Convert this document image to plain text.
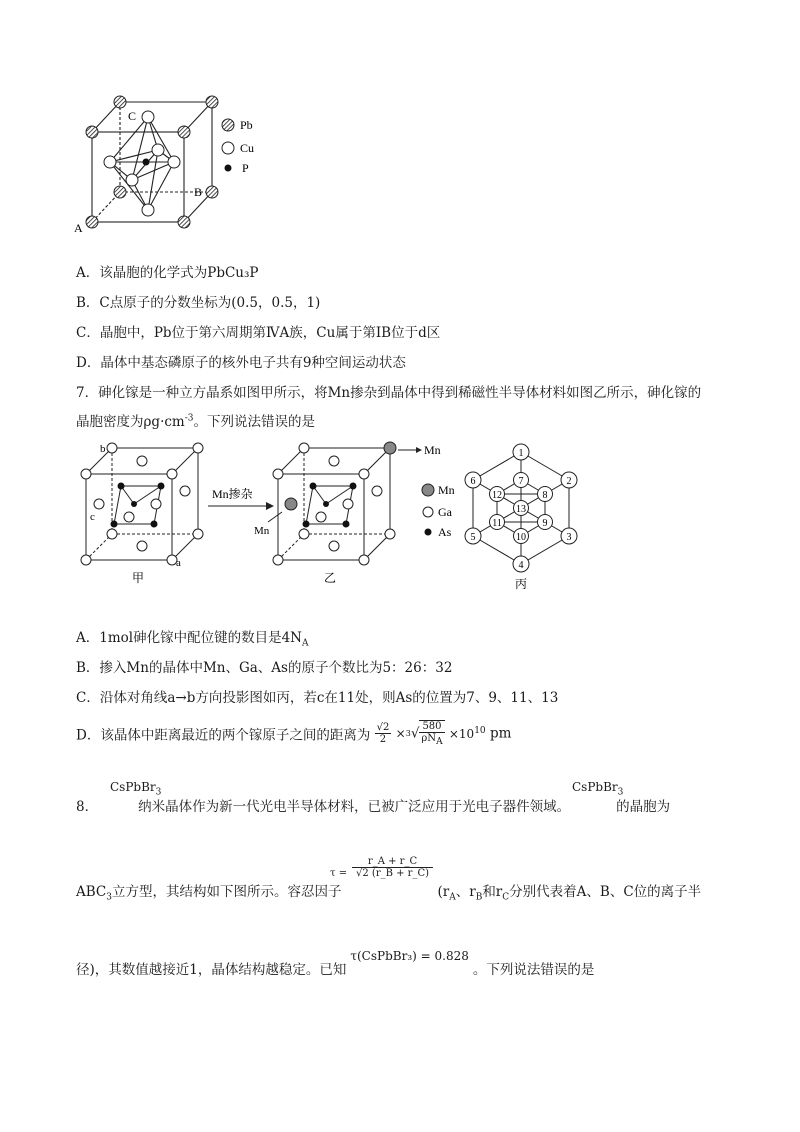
C
A
B
Pb
Cu
P
A．该晶胞的化学式为PbCu₃P
B．C点原子的分数坐标为(0.5，0.5，1)
C．晶胞中，Pb位于第六周期第ⅣA族，Cu属于第ⅠB位于d区
D．晶体中基态磷原子的核外电子共有9种空间运动状态
7．砷化镓是一种立方晶系如图甲所示，将Mn掺杂到晶体中得到稀磁性半导体材料如图乙所示，砷化镓的
晶胞密度为$\rho g\cdot cm^{-3}$。下列说法错误的是
b
c
a
甲
Mn掺杂
Mn
Mn
乙
Mn
Ga
As
1
2
3
4
5
6	7
8
9
10
11
12
13
丙
A．1mol砷化镓中配位键的数目是$4N_A$
B．掺入Mn的晶体中Mn、Ga、As的原子个数比为5：26：32
C．沿体对角线a→b方向投影图如丙，若c在11处，则As的位置为7、9、11、13
D．该晶体中距离最近的两个镓原子之间的距离为 $\frac{√2}{2} \times 3√ \frac{580}{\rho N_A} \times 10^{10}$ pm
CsPbBr$_3$
8．	纳米晶体作为新一代光电半导体材料，已被广泛应用于光电子器件领域。	的晶胞为
CsPbBr$_3$
τ =
r_A + r_C
√2 (r_B + r_C)
$ABC_3$立方型，其结构如下图所示。容忍因子	($r_A$、$r_B$和$r_C$分别代表着A、B、C位的离子半
径)，其数值越接近1，晶体结构越稳定。已知τ(CsPbBr₃) = 0.828。下列说法错误的是
